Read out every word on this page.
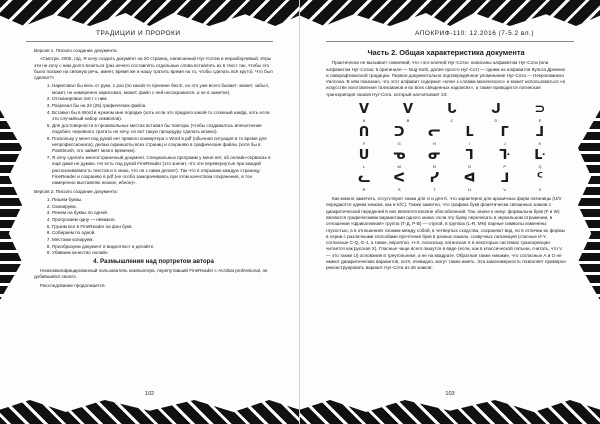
ТРАДИЦИИ И ПРОРОКИ

Версия 1. Писало создание документа.

«Смотри. 2005, год. Я хочу создать документ на 20 страниц, написанный Нуг-Сотом и неразборчивый. Игры эти не хочу с ним долго возиться (раз нечего составлять отдельные слова вставлять их в текст так, чтобы это было похоже на связную речь, имеет, время же и нашу тратить время на то, чтобы сделать всё круто). Что был сделал?»

1. Нарисовал бы весь от руки, 1 раз (по какой-то причине без Е, но это уже всего бывает: может, забыл, может, не намеренно нарисовал, может, файл с ней несохранился, а не в заметке).
2. Отсканировал лист с ним.
3. Разрезал бы на 24 (25) графических файла.
4. Вставил бы в Word в нужном мне порядке (хоть если это придало какой-то сложный шифр, хоть если это случайный набор символов).
5. Для достоверности в произвольных местах вставил бы повторы (чтобы создавалось впечатление подобия, неровного тратить не хочу, но вот такую процедуру сделать можно).
6. Поскольку у меня под рукой нет прямого конвертера с Word в pdf (обычная ситуация в то время для непрофессионала), делаю скриншоты всех страниц и сохраняю в графические файлы (хотя бы в Paintbrush, это займёт много времени).
7. Я хочу сделать многостраничный документ. Специальных программ у меня нет, об онлайн-сервисах я ещё даже не думаю. Но есть под рукой FineReader (это значит, что эти перевернутые при каждой распознаваемость текстов и я знаю, что он с ними делает). Так что я открываю каждую страницу FineReader и сохраняю в pdf (не особо заморачиваясь при этом качеством сохранения, а тон намеренно выставляю низкое, ибнон)».

Версия 2. Писало создание документа:

1. Пишем буквы.
2. Сканируем.
3. Режем на буквы по одной.
4. Пропускаем одну — неважно.
5. Грузим все в FineReader на фон букв.
6. Собираем по одной.
7. Местами копируем.
8. Преобразуем документ в видеотекст и делайте.
9. Убиваем качество онлайн.
4. Размышления над портретом автора

Низкоквалифицированный пользователь компьютера, перепутавший FineReader с Acrobat professional, не добившийся своего.

Расследование продолжается.

102
АПОКРИФ-110: 12.2016 (7-5.2 вл.)
Часть 2. Общая характеристика документа

Практически не вызывает сомнений, что «это ключей Нуг-Сота» написаны алфавитом Нуг-Сота (или алфавитом Нуг-Сотах; в оригинале — Nug-Soth, далее просто Нуг-Сот) — одним из алфавитов Культа Древних и лавкрафтианской традиции. Первое документально подтверждённое упоминание Нуг-Сота — Некрономикон Уилсона. В нём показано, что этот алфавит содержит «ключ к словам магического» и может использоваться «в искусстве изготовления талисманов и во всех священных надписях», а также приводится латинская транскрипция знаков Нуг-Сота, который насчитывает 24:

ᐯ
A
ᐯ
B
ᒐ
C
ᒍ
D
⊃
E
ᑎ
F
ᑐ
G
ᓕ
H
ᒪ
I
ᒥ
J
ᒧ
K
ᑌ
L
ᓀ
M
ᓂ
N
ᒣ
O
ᒭ
P
ᒷ
Q
ᓚ
R
ᐸ
S
ᓯ
T
ᐊ
U
⅃
V
ᑦ
Z

Как можно заметить, отсутствуют знаки для U и для K, что характерно для архаичных форм латиницы (U/V передаются одним знаком, как и K/C). Также заметно, что графика букв фонетически связанных знаков с диакритической передачей в них является вполне обособленной. Так, иначе к нему: формальна букв (F и W) являются графическими вариантами одного знака: если эту букву переписать в зеркальном отражении, в отношении «фрикативная» группа (Т-Д, Р-В) — глухой, в группах (L-R, MN) парные символы изменены глухостью, а в отношениях схожим между собой, в четвертых сходства, сохраняют вид, но в отличии их формы в серии с различными способами прочтения букв в разных языках, созвучных латиницей (гласные И-Y, согласные C-Q, G-J, а также, вероятно, H-X, поскольку латинская X в некоторых системах транскрипции читается как русская X). Гласные чаще всего пишутся в виде (если, как в классической латыни, считать, что V — это также U) основания в треугольнике, а не на квадрате. Обратная также никакие, что согласные А и O не имеют диакритических вариантов, хотя, очевидно, могут также иметь. Эта закономерность позволяет примерно реконструировать вариант Нуг-Сота из 26 знаков:

103
